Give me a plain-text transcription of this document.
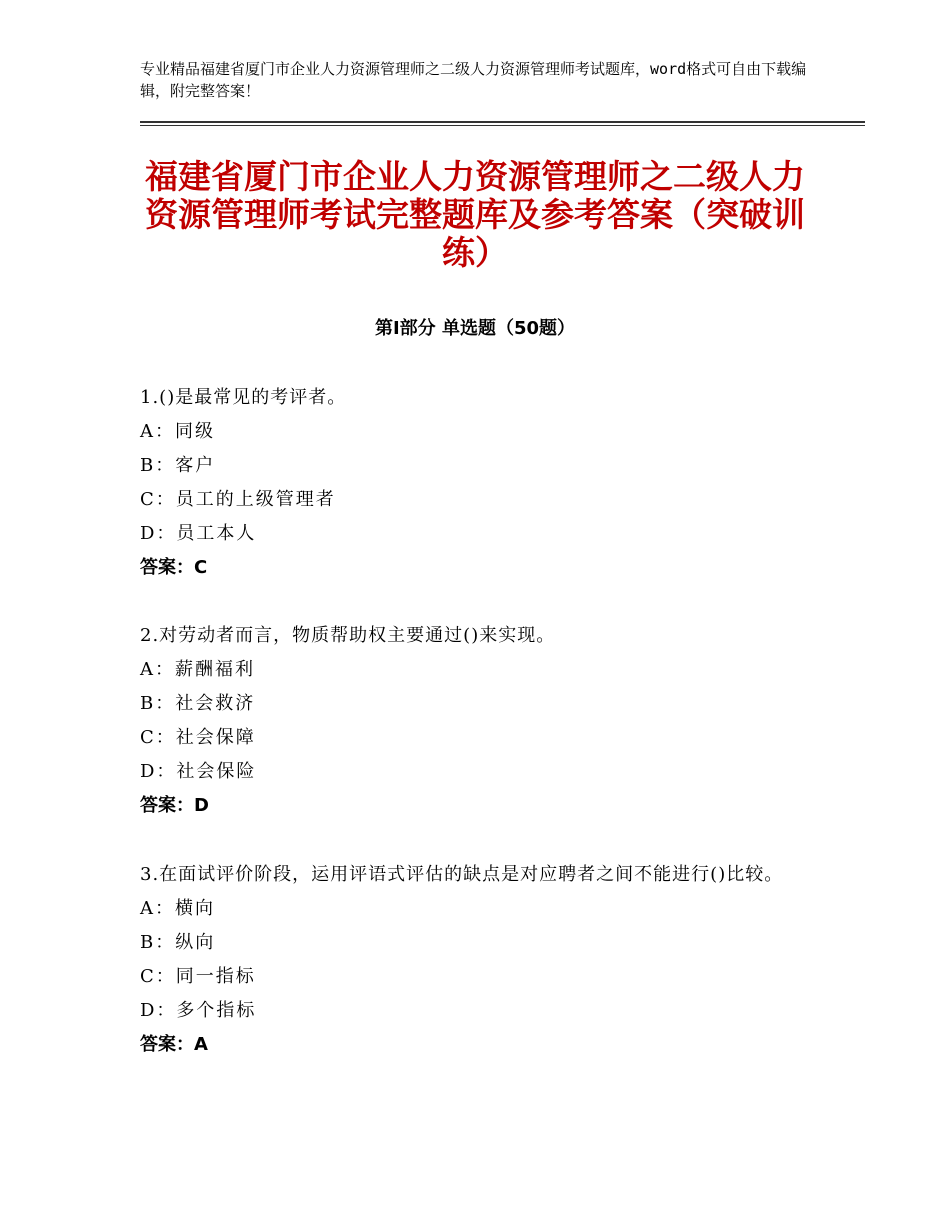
专业精品福建省厦门市企业人力资源管理师之二级人力资源管理师考试题库，word格式可自由下载编辑，附完整答案！
福建省厦门市企业人力资源管理师之二级人力资源管理师考试完整题库及参考答案（突破训练）
第Ⅰ部分 单选题（50题）
1.()是最常见的考评者。
A：同级
B：客户
C：员工的上级管理者
D：员工本人
答案：C
2.对劳动者而言，物质帮助权主要通过()来实现。
A：薪酬福利
B：社会救济
C：社会保障
D：社会保险
答案：D
3.在面试评价阶段，运用评语式评估的缺点是对应聘者之间不能进行()比较。
A：横向
B：纵向
C：同一指标
D：多个指标
答案：A
